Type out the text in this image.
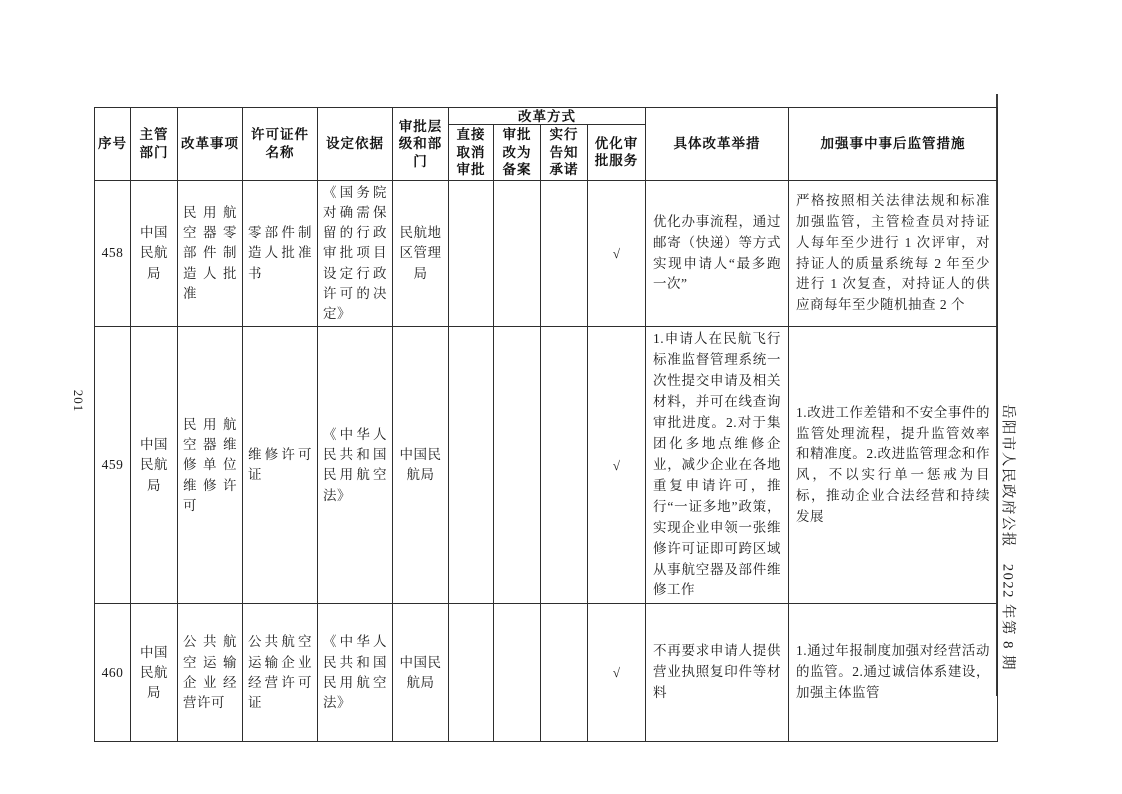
201
岳阳市人民政府公报　2022 年第 8 期
序号	主管部门	改革事项	许可证件名称	设定依据	审批层级和部门	改革方式				具体改革举措	加强事中事后监管措施
						直接取消审批	审批改为备案	实行告知承诺	优化审批服务		
458	中国民航局	民用航空器零部件制造人批准	零部件制造人批准书	《国务院对确需保留的行政审批项目设定行政许可的决定》	民航地区管理局				√	优化办事流程，通过邮寄（快递）等方式实现申请人“最多跑一次”	严格按照相关法律法规和标准加强监管，主管检查员对持证人每年至少进行 1 次评审，对持证人的质量系统每 2 年至少进行 1 次复查，对持证人的供应商每年至少随机抽查 2 个
459	中国民航局	民用航空器维修单位维修许可	维修许可证	《中华人民共和国民用航空法》	中国民航局				√	1.申请人在民航飞行标准监督管理系统一次性提交申请及相关材料，并可在线查询审批进度。2.对于集团化多地点维修企业，减少企业在各地重复申请许可，推行“一证多地”政策，实现企业申领一张维修许可证即可跨区域从事航空器及部件维修工作	1.改进工作差错和不安全事件的监管处理流程，提升监管效率和精准度。2.改进监管理念和作风，不以实行单一惩戒为目标，推动企业合法经营和持续发展
460	中国民航局	公共航空运输企业经营许可	公共航空运输企业经营许可证	《中华人民共和国民用航空法》	中国民航局				√	不再要求申请人提供营业执照复印件等材料	1.通过年报制度加强对经营活动的监管。2.通过诚信体系建设，加强主体监管
